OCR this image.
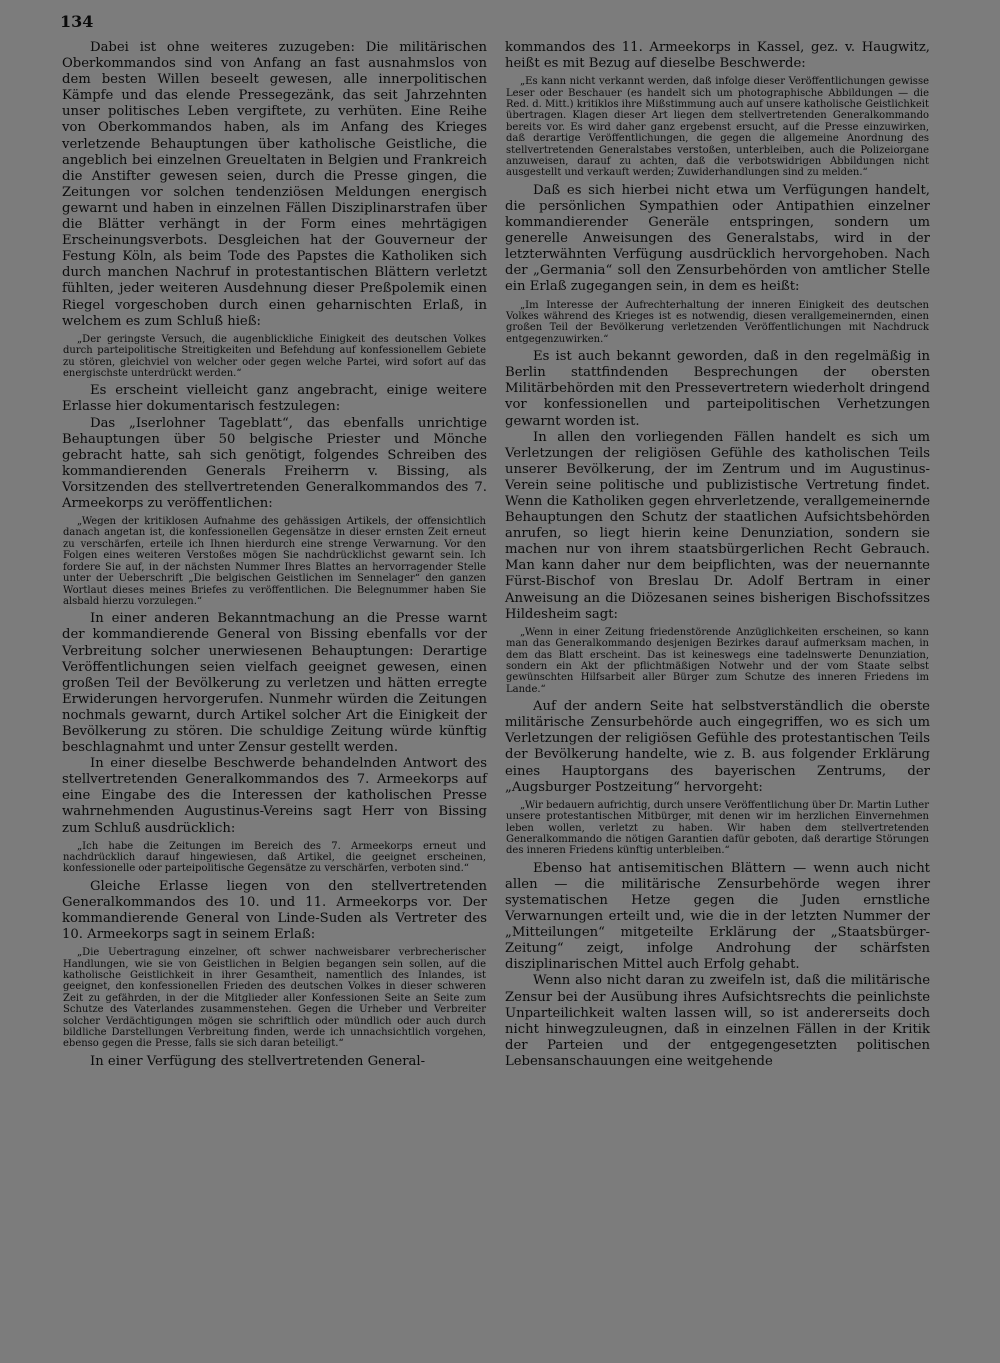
134

Dabei ist ohne weiteres zuzugeben: Die militärischen Oberkommandos sind von Anfang an fast ausnahmslos von dem besten Willen beseelt gewesen, alle innerpolitischen Kämpfe und das elende Pressegezänk, das seit Jahrzehnten unser politisches Leben vergiftete, zu verhüten. Eine Reihe von Oberkommandos haben, als im Anfang des Krieges verletzende Behauptungen über katholische Geistliche, die angeblich bei einzelnen Greueltaten in Belgien und Frankreich die Anstifter gewesen seien, durch die Presse gingen, die Zeitungen vor solchen tendenziösen Meldungen energisch gewarnt und haben in einzelnen Fällen Disziplinarstrafen über die Blätter verhängt in der Form eines mehrtägigen Erscheinungsverbots. Desgleichen hat der Gouverneur der Festung Köln, als beim Tode des Papstes die Katholiken sich durch manchen Nachruf in protestantischen Blättern verletzt fühlten, jeder weiteren Ausdehnung dieser Preßpolemik einen Riegel vorgeschoben durch einen geharnischten Erlaß, in welchem es zum Schluß hieß:

„Der geringste Versuch, die augenblickliche Einigkeit des deutschen Volkes durch parteipolitische Streitigkeiten und Befehdung auf konfessionellem Gebiete zu stören, gleichviel von welcher oder gegen welche Partei, wird sofort auf das energischste unterdrückt werden.“

Es erscheint vielleicht ganz angebracht, einige weitere Erlasse hier dokumentarisch festzulegen:

Das „Iserlohner Tageblatt“, das ebenfalls unrichtige Behauptungen über 50 belgische Priester und Mönche gebracht hatte, sah sich genötigt, folgendes Schreiben des kommandierenden Generals Freiherrn v. Bissing, als Vorsitzenden des stellvertretenden Generalkommandos des 7. Armeekorps zu veröffentlichen:

„Wegen der kritiklosen Aufnahme des gehässigen Artikels, der offensichtlich danach angetan ist, die konfessionellen Gegensätze in dieser ernsten Zeit erneut zu verschärfen, erteile ich Ihnen hierdurch eine strenge Verwarnung. Vor den Folgen eines weiteren Verstoßes mögen Sie nachdrücklichst gewarnt sein. Ich fordere Sie auf, in der nächsten Nummer Ihres Blattes an hervorragender Stelle unter der Ueberschrift „Die belgischen Geistlichen im Sennelager“ den ganzen Wortlaut dieses meines Briefes zu veröffentlichen. Die Belegnummer haben Sie alsbald hierzu vorzulegen.“

In einer anderen Bekanntmachung an die Presse warnt der kommandierende General von Bissing ebenfalls vor der Verbreitung solcher unerwiesenen Behauptungen: Derartige Veröffentlichungen seien vielfach geeignet gewesen, einen großen Teil der Bevölkerung zu verletzen und hätten erregte Erwiderungen hervorgerufen. Nunmehr würden die Zeitungen nochmals gewarnt, durch Artikel solcher Art die Einigkeit der Bevölkerung zu stören. Die schuldige Zeitung würde künftig beschlagnahmt und unter Zensur gestellt werden.

In einer dieselbe Beschwerde behandelnden Antwort des stellvertretenden Generalkommandos des 7. Armeekorps auf eine Eingabe des die Interessen der katholischen Presse wahrnehmenden Augustinus-Vereins sagt Herr von Bissing zum Schluß ausdrücklich:

„Ich habe die Zeitungen im Bereich des 7. Armeekorps erneut und nachdrücklich darauf hingewiesen, daß Artikel, die geeignet erscheinen, konfessionelle oder parteipolitische Gegensätze zu verschärfen, verboten sind.“

Gleiche Erlasse liegen von den stellvertretenden Generalkommandos des 10. und 11. Armeekorps vor. Der kommandierende General von Linde-Suden als Vertreter des 10. Armeekorps sagt in seinem Erlaß:

„Die Uebertragung einzelner, oft schwer nachweisbarer verbrecherischer Handlungen, wie sie von Geistlichen in Belgien begangen sein sollen, auf die katholische Geistlichkeit in ihrer Gesamtheit, namentlich des Inlandes, ist geeignet, den konfessionellen Frieden des deutschen Volkes in dieser schweren Zeit zu gefährden, in der die Mitglieder aller Konfessionen Seite an Seite zum Schutze des Vaterlandes zusammenstehen. Gegen die Urheber und Verbreiter solcher Verdächtigungen mögen sie schriftlich oder mündlich oder auch durch bildliche Darstellungen Verbreitung finden, werde ich unnachsichtlich vorgehen, ebenso gegen die Presse, falls sie sich daran beteiligt.“

In einer Verfügung des stellvertretenden General-

kommandos des 11. Armeekorps in Kassel, gez. v. Haugwitz, heißt es mit Bezug auf dieselbe Beschwerde:

„Es kann nicht verkannt werden, daß infolge dieser Veröffentlichungen gewisse Leser oder Beschauer (es handelt sich um photographische Abbildungen — die Red. d. Mitt.) kritiklos ihre Mißstimmung auch auf unsere katholische Geistlichkeit übertragen. Klagen dieser Art liegen dem stellvertretenden Generalkommando bereits vor. Es wird daher ganz ergebenst ersucht, auf die Presse einzuwirken, daß derartige Veröffentlichungen, die gegen die allgemeine Anordnung des stellvertretenden Generalstabes verstoßen, unterbleiben, auch die Polizeiorgane anzuweisen, darauf zu achten, daß die verbotswidrigen Abbildungen nicht ausgestellt und verkauft werden; Zuwiderhandlungen sind zu melden.“

Daß es sich hierbei nicht etwa um Verfügungen handelt, die persönlichen Sympathien oder Antipathien einzelner kommandierender Generäle entspringen, sondern um generelle Anweisungen des Generalstabs, wird in der letzterwähnten Verfügung ausdrücklich hervorgehoben. Nach der „Germania“ soll den Zensurbehörden von amtlicher Stelle ein Erlaß zugegangen sein, in dem es heißt:

„Im Interesse der Aufrechterhaltung der inneren Einigkeit des deutschen Volkes während des Krieges ist es notwendig, diesen verallgemeinernden, einen großen Teil der Bevölkerung verletzenden Veröffentlichungen mit Nachdruck entgegenzuwirken.“

Es ist auch bekannt geworden, daß in den regelmäßig in Berlin stattfindenden Besprechungen der obersten Militärbehörden mit den Pressevertretern wiederholt dringend vor konfessionellen und parteipolitischen Verhetzungen gewarnt worden ist.

In allen den vorliegenden Fällen handelt es sich um Verletzungen der religiösen Gefühle des katholischen Teils unserer Bevölkerung, der im Zentrum und im Augustinus-Verein seine politische und publizistische Vertretung findet. Wenn die Katholiken gegen ehrverletzende, verallgemeinernde Behauptungen den Schutz der staatlichen Aufsichtsbehörden anrufen, so liegt hierin keine Denunziation, sondern sie machen nur von ihrem staatsbürgerlichen Recht Gebrauch. Man kann daher nur dem beipflichten, was der neuernannte Fürst-Bischof von Breslau Dr. Adolf Bertram in einer Anweisung an die Diözesanen seines bisherigen Bischofssitzes Hildesheim sagt:

„Wenn in einer Zeitung friedenstörende Anzüglichkeiten erscheinen, so kann man das Generalkommando desjenigen Bezirkes darauf aufmerksam machen, in dem das Blatt erscheint. Das ist keineswegs eine tadelnswerte Denunziation, sondern ein Akt der pflichtmäßigen Notwehr und der vom Staate selbst gewünschten Hilfsarbeit aller Bürger zum Schutze des inneren Friedens im Lande.“

Auf der andern Seite hat selbstverständlich die oberste militärische Zensurbehörde auch eingegriffen, wo es sich um Verletzungen der religiösen Gefühle des protestantischen Teils der Bevölkerung handelte, wie z. B. aus folgender Erklärung eines Hauptorgans des bayerischen Zentrums, der „Augsburger Postzeitung“ hervorgeht:

„Wir bedauern aufrichtig, durch unsere Veröffentlichung über Dr. Martin Luther unsere protestantischen Mitbürger, mit denen wir im herzlichen Einvernehmen leben wollen, verletzt zu haben. Wir haben dem stellvertretenden Generalkommando die nötigen Garantien dafür geboten, daß derartige Störungen des inneren Friedens künftig unterbleiben.“

Ebenso hat antisemitischen Blättern — wenn auch nicht allen — die militärische Zensurbehörde wegen ihrer systematischen Hetze gegen die Juden ernstliche Verwarnungen erteilt und, wie die in der letzten Nummer der „Mitteilungen“ mitgeteilte Erklärung der „Staatsbürger-Zeitung“ zeigt, infolge Androhung der schärfsten disziplinarischen Mittel auch Erfolg gehabt.

Wenn also nicht daran zu zweifeln ist, daß die militärische Zensur bei der Ausübung ihres Aufsichtsrechts die peinlichste Unparteilichkeit walten lassen will, so ist andererseits doch nicht hinwegzuleugnen, daß in einzelnen Fällen in der Kritik der Parteien und der entgegengesetzten politischen Lebensanschauungen eine weitgehende
